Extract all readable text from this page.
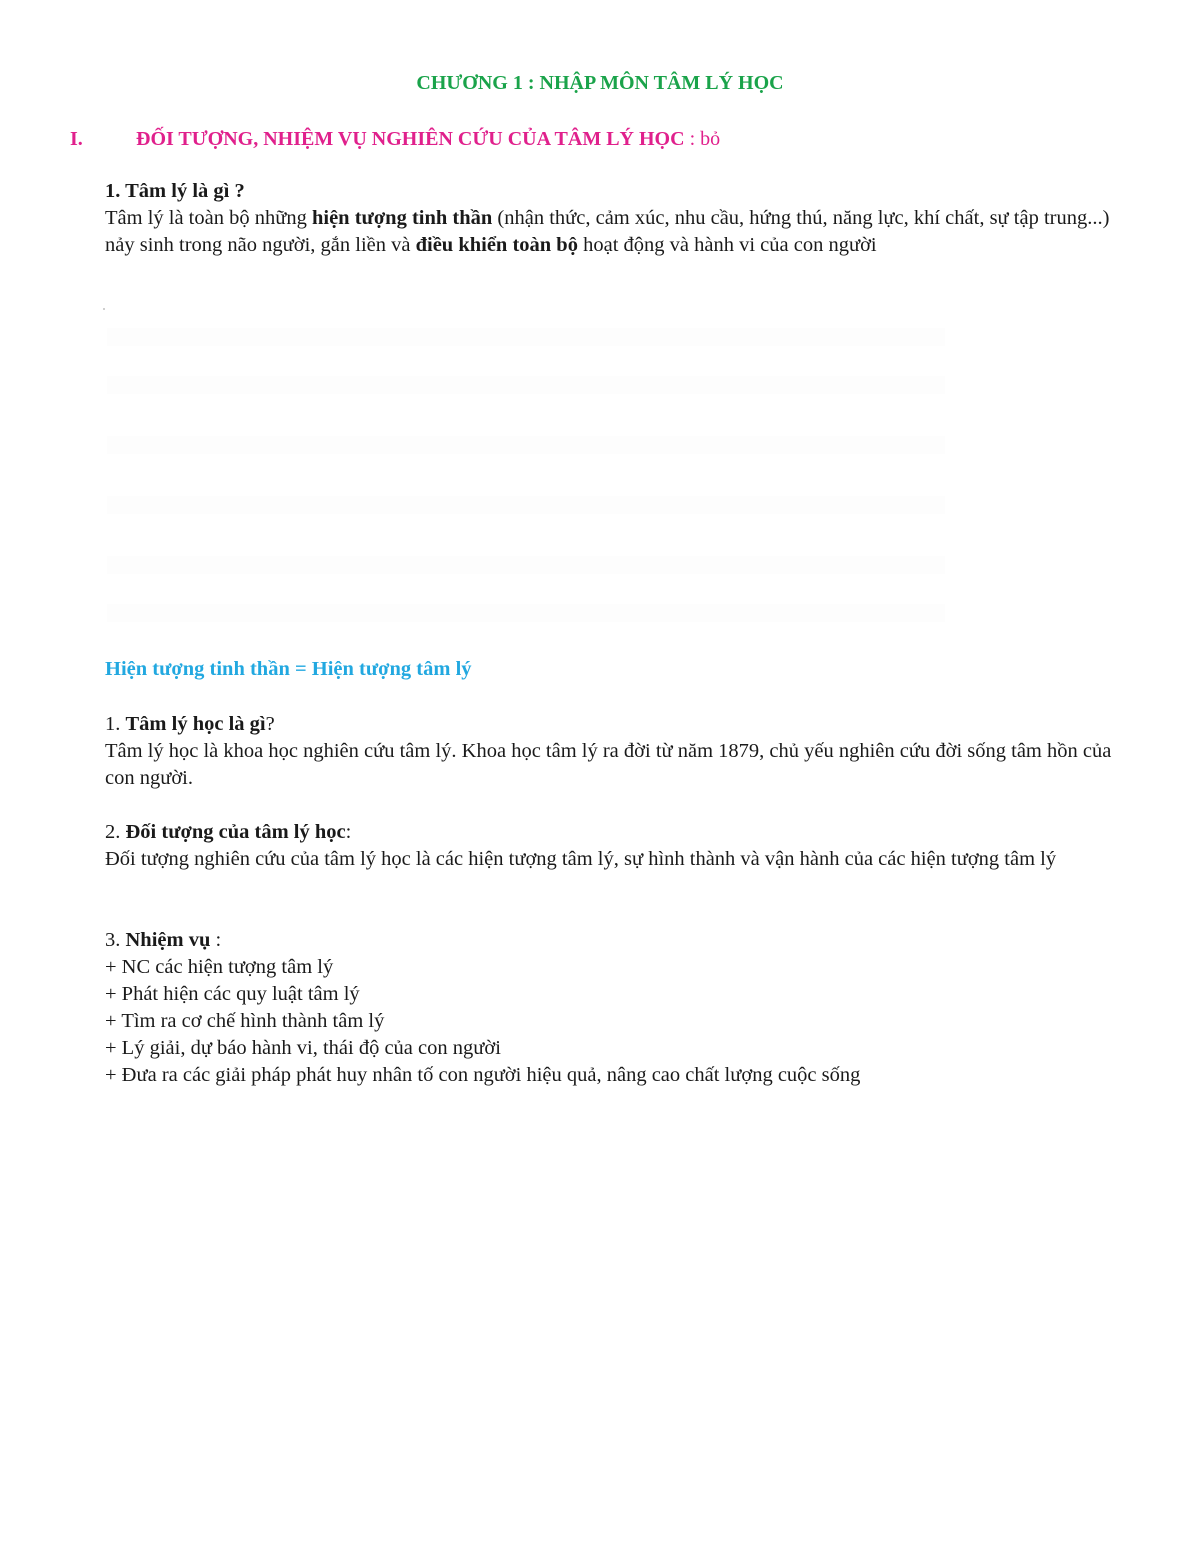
CHƯƠNG 1 : NHẬP MÔN TÂM LÝ HỌC
I.	ĐỐI TƯỢNG, NHIỆM VỤ NGHIÊN CỨU CỦA TÂM LÝ HỌC : bỏ

1. Tâm lý là gì ?

Tâm lý là toàn bộ những hiện tượng tinh thần (nhận thức, cảm xúc, nhu cầu, hứng thú, năng lực, khí chất, sự tập trung...) nảy sinh trong não người, gắn liền và điều khiển toàn bộ hoạt động và hành vi của con người

Hiện tượng tinh thần = Hiện tượng tâm lý

1. Tâm lý học là gì?

Tâm lý học là khoa học nghiên cứu tâm lý. Khoa học tâm lý ra đời từ năm 1879, chủ yếu nghiên cứu đời sống tâm hồn của con người.

2. Đối tượng của tâm lý học:

Đối tượng nghiên cứu của tâm lý học là các hiện tượng tâm lý, sự hình thành và vận hành của các hiện tượng tâm lý

3. Nhiệm vụ :

+ NC các hiện tượng tâm lý

+ Phát hiện các quy luật tâm lý

+ Tìm ra cơ chế hình thành tâm lý

+ Lý giải, dự báo hành vi, thái độ của con người

+ Đưa ra các giải pháp phát huy nhân tố con người hiệu quả, nâng cao chất lượng cuộc sống
